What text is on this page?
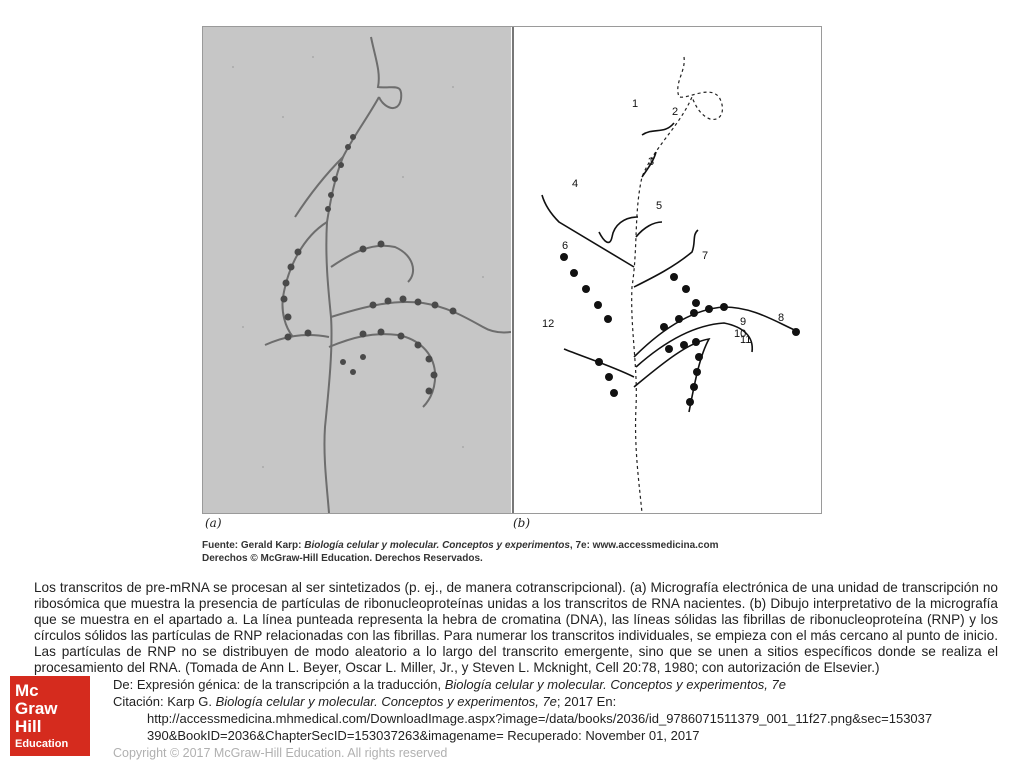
1
2
3
4
5
6
7
8
9
10
11
12
(a)	(b)
Fuente: Gerald Karp: Biología celular y molecular. Conceptos y experimentos, 7e: www.accessmedicina.com
Derechos © McGraw-Hill Education. Derechos Reservados.
Los transcritos de pre-mRNA se procesan al ser sintetizados (p. ej., de manera cotranscripcional). (a) Micrografía electrónica de una unidad de transcripción no ribosómica que muestra la presencia de partículas de ribonucleoproteínas unidas a los transcritos de RNA nacientes. (b) Dibujo interpretativo de la micrografía que se muestra en el apartado a. La línea punteada representa la hebra de cromatina (DNA), las líneas sólidas las fibrillas de ribonucleoproteína (RNP) y los círculos sólidos las partículas de RNP relacionadas con las fibrillas. Para numerar los transcritos individuales, se empieza con el más cercano al punto de inicio. Las partículas de RNP no se distribuyen de modo aleatorio a lo largo del transcrito emergente, sino que se unen a sitios específicos donde se realiza el procesamiento del RNA. (Tomada de Ann L. Beyer, Oscar L. Miller, Jr., y Steven L. Mcknight, Cell 20:78, 1980; con autorización de Elsevier.)
Mc
Graw
Hill
Education
De: Expresión génica: de la transcripción a la traducción, Biología celular y molecular. Conceptos y experimentos, 7e
Citación: Karp G. Biología celular y molecular. Conceptos y experimentos, 7e; 2017 En:
http://accessmedicina.mhmedical.com/DownloadImage.aspx?image=/data/books/2036/id_9786071511379_001_11f27.png&sec=153037
390&BookID=2036&ChapterSecID=153037263&imagename= Recuperado: November 01, 2017
Copyright © 2017 McGraw-Hill Education. All rights reserved
